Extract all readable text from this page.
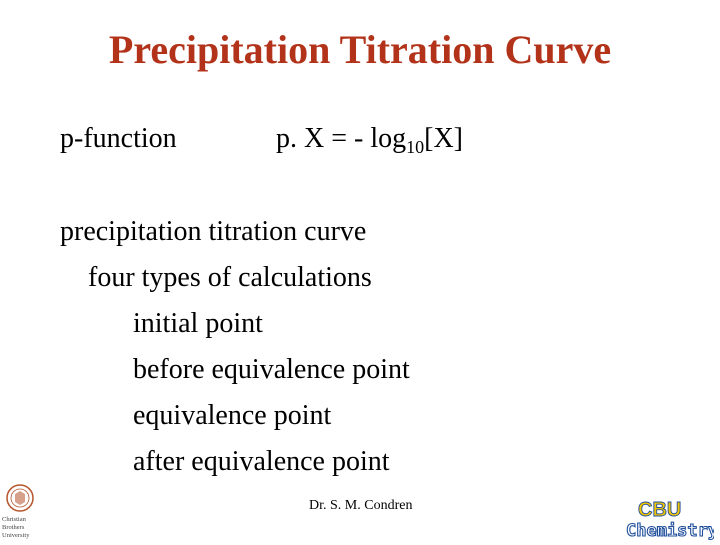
Precipitation Titration Curve
p-function	p. X = - $\log_{10}[X]$
precipitation titration curve
four types of calculations
initial point
before equivalence point
equivalence point
after equivalence point
Dr. S. M. Condren
Christian
Brothers
University
CBU
Chemistry
